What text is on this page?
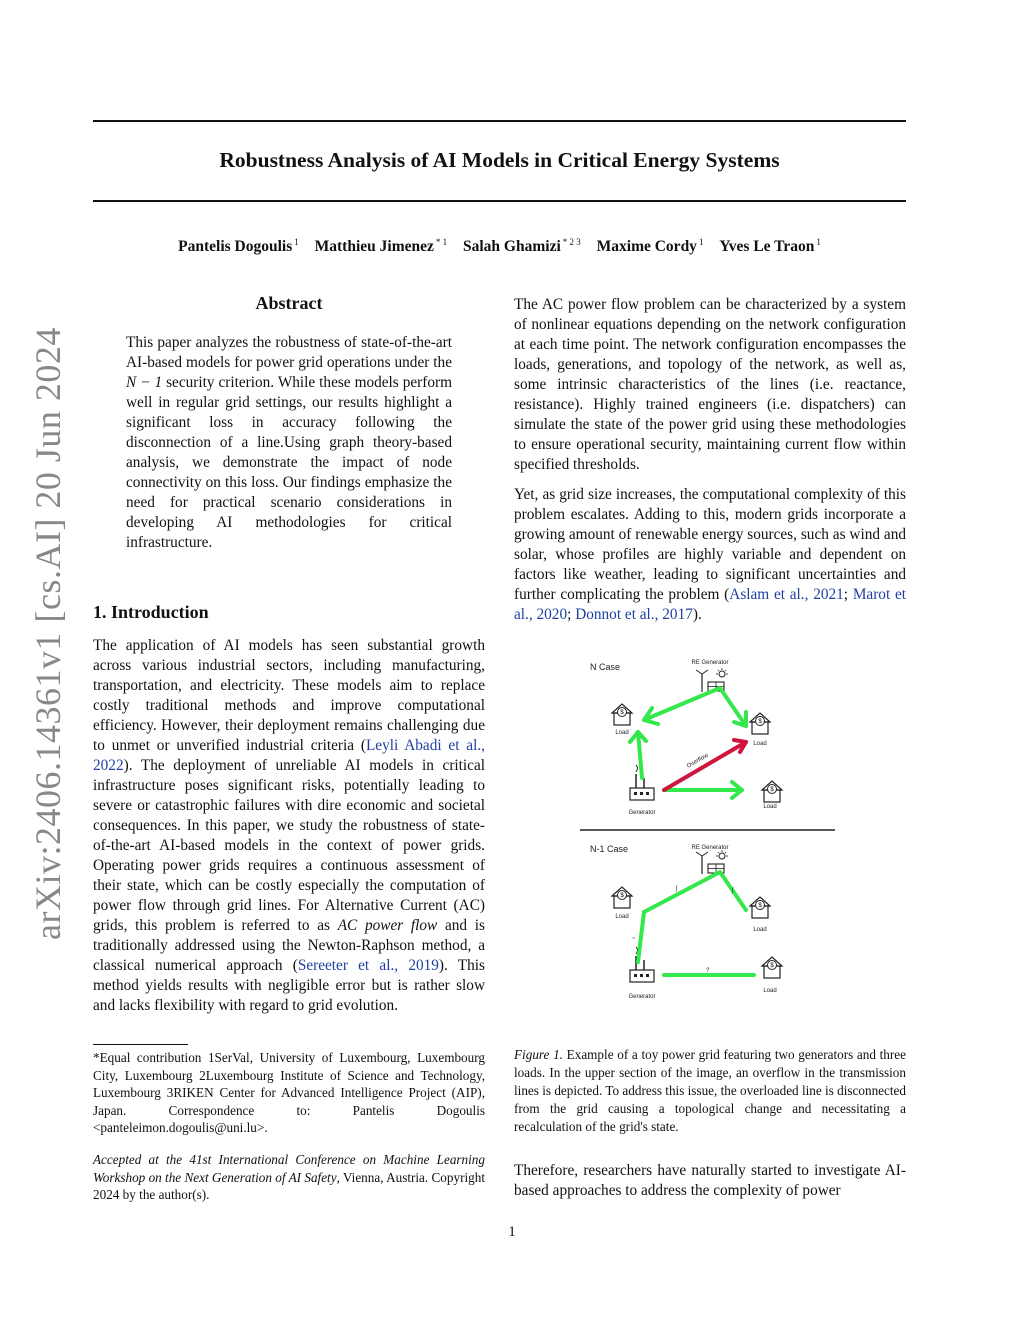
Robustness Analysis of AI Models in Critical Energy Systems
Pantelis Dogoulis $^1$ Matthieu Jimenez $^{* 1}$ Salah Ghamizi $^{* 2 3}$ Maxime Cordy $^1$ Yves Le Traon $^1$
arXiv:2406.14361v1 [cs.AI] 20 Jun 2024
Abstract

This paper analyzes the robustness of state-of-the-art AI-based models for power grid operations under the N − 1 security criterion. While these models perform well in regular grid settings, our results highlight a significant loss in accuracy following the disconnection of a line.Using graph theory-based analysis, we demonstrate the impact of node connectivity on this loss. Our findings emphasize the need for practical scenario considerations in developing AI methodologies for critical infrastructure.

1. Introduction

The application of AI models has seen substantial growth across various industrial sectors, including manufacturing, transportation, and electricity. These models aim to replace costly traditional methods and improve computational efficiency. However, their deployment remains challenging due to unmet or unverified industrial criteria (Leyli Abadi et al., 2022). The deployment of unreliable AI models in critical infrastructure poses significant risks, potentially leading to severe or catastrophic failures with dire economic and societal consequences. In this paper, we study the robustness of state-of-the-art AI-based models in the context of power grids. Operating power grids requires a continuous assessment of their state, which can be costly especially the computation of power flow through grid lines. For Alternative Current (AC) grids, this problem is referred to as AC power flow and is traditionally addressed using the Newton-Raphson method, a classical numerical approach (Sereeter et al., 2019). This method yields results with negligible error but is rather slow and lacks flexibility with regard to grid evolution.

*Equal contribution 1SerVal, University of Luxembourg, Luxembourg City, Luxembourg 2Luxembourg Institute of Science and Technology, Luxembourg 3RIKEN Center for Advanced Intelligence Project (AIP), Japan. Correspondence to: Pantelis Dogoulis <panteleimon.dogoulis@uni.lu>.
Accepted at the 41st International Conference on Machine Learning Workshop on the Next Generation of AI Safety, Vienna, Austria. Copyright 2024 by the author(s).

The AC power flow problem can be characterized by a system of nonlinear equations depending on the network configuration at each time point. The network configuration encompasses the loads, generations, and topology of the network, as well as, some intrinsic characteristics of the lines (i.e. reactance, resistance). Highly trained engineers (i.e. dispatchers) can simulate the state of the power grid using these methodologies to ensure operational security, maintaining current flow within specified thresholds.

Yet, as grid size increases, the computational complexity of this problem escalates. Adding to this, modern grids incorporate a growing amount of renewable energy sources, such as wind and solar, whose profiles are highly variable and dependent on factors like weather, leading to significant uncertainties and further complicating the problem (Aslam et al., 2021; Marot et al., 2020; Donnot et al., 2017).

$
N Case	RE Generator
Load
Load
Load
Generator
Overflow
N-1 Case	RE Generator
Load
Load
Load
Generator
ʃ	ʃ
~
?
Figure 1. Example of a toy power grid featuring two generators and three loads. In the upper section of the image, an overflow in the transmission lines is depicted. To address this issue, the overloaded line is disconnected from the grid causing a topological change and necessitating a recalculation of the grid's state.

Therefore, researchers have naturally started to investigate AI-based approaches to address the complexity of power

1
